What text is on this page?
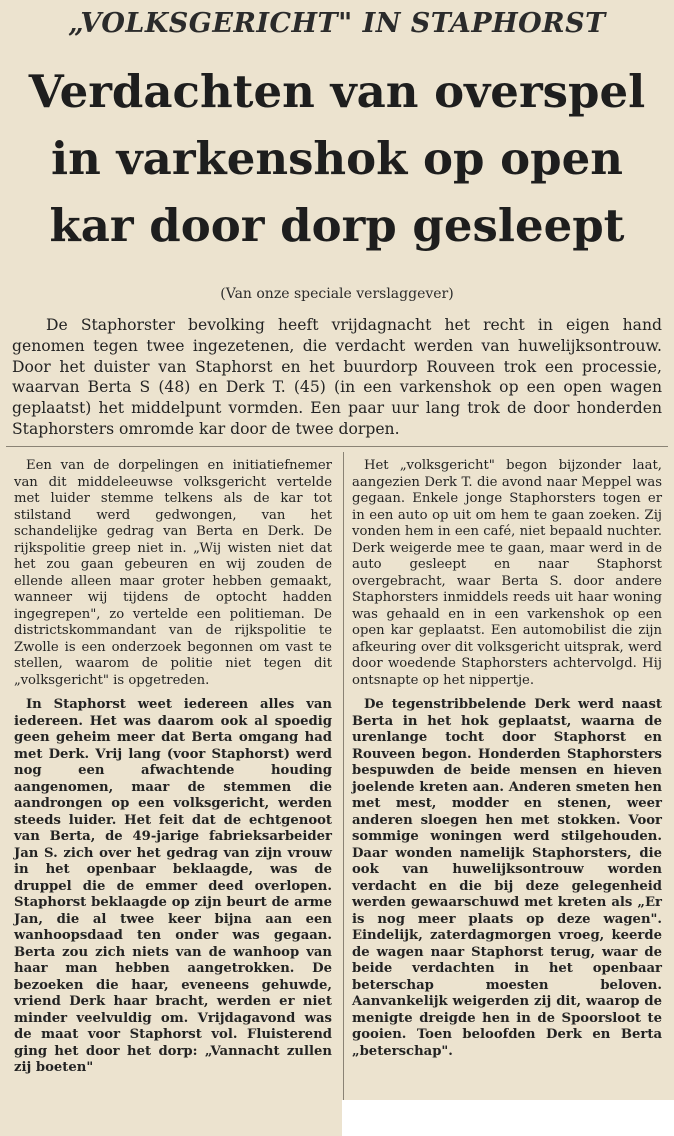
„VOLKSGERICHT" IN STAPHORST
Verdachten van overspel
in varkenshok op open
kar door dorp gesleept
(Van onze speciale verslaggever)

De Staphorster bevolking heeft vrijdagnacht het recht in eigen hand genomen tegen twee ingezetenen, die verdacht werden van huwelijksontrouw. Door het duister van Staphorst en het buurdorp Rouveen trok een processie, waarvan Berta S (48) en Derk T. (45) (in een varkenshok op een open wagen geplaatst) het middelpunt vormden. Een paar uur lang trok de door honderden Staphorsters omromde kar door de twee dorpen.

Een van de dorpelingen en initiatiefnemer van dit middeleeuwse volksgericht vertelde met luider stemme telkens als de kar tot stilstand werd gedwongen, van het schandelijke gedrag van Berta en Derk. De rijkspolitie greep niet in. „Wij wisten niet dat het zou gaan gebeuren en wij zouden de ellende alleen maar groter hebben gemaakt, wanneer wij tijdens de optocht hadden ingegrepen", zo vertelde een politieman. De districtskommandant van de rijkspolitie te Zwolle is een onderzoek begonnen om vast te stellen, waarom de politie niet tegen dit „volksgericht" is opgetreden.

In Staphorst weet iedereen alles van iedereen. Het was daarom ook al spoedig geen geheim meer dat Berta omgang had met Derk. Vrij lang (voor Staphorst) werd nog een afwachtende houding aangenomen, maar de stemmen die aandrongen op een volksgericht, werden steeds luider. Het feit dat de echtgenoot van Berta, de 49-jarige fabrieksarbeider Jan S. zich over het gedrag van zijn vrouw in het openbaar beklaagde, was de druppel die de emmer deed overlopen. Staphorst beklaagde op zijn beurt de arme Jan, die al twee keer bijna aan een wanhoopsdaad ten onder was gegaan. Berta zou zich niets van de wanhoop van haar man hebben aangetrokken. De bezoeken die haar, eveneens gehuwde, vriend Derk haar bracht, werden er niet minder veelvuldig om. Vrijdagavond was de maat voor Staphorst vol. Fluisterend ging het door het dorp: „Vannacht zullen zij boeten"

Het „volksgericht" begon bijzonder laat, aangezien Derk T. die avond naar Meppel was gegaan. Enkele jonge Staphorsters togen er in een auto op uit om hem te gaan zoeken. Zij vonden hem in een café, niet bepaald nuchter. Derk weigerde mee te gaan, maar werd in de auto gesleept en naar Staphorst overgebracht, waar Berta S. door andere Staphorsters inmiddels reeds uit haar woning was gehaald en in een varkenshok op een open kar geplaatst. Een automobilist die zijn afkeuring over dit volksgericht uitsprak, werd door woedende Staphorsters achtervolgd. Hij ontsnapte op het nippertje.

De tegenstribbelende Derk werd naast Berta in het hok geplaatst, waarna de urenlange tocht door Staphorst en Rouveen begon. Honderden Staphorsters bespuwden de beide mensen en hieven joelende kreten aan. Anderen smeten hen met mest, modder en stenen, weer anderen sloegen hen met stokken. Voor sommige woningen werd stilgehouden. Daar wonden namelijk Staphorsters, die ook van huwelijksontrouw worden verdacht en die bij deze gelegenheid werden gewaarschuwd met kreten als „Er is nog meer plaats op deze wagen". Eindelijk, zaterdagmorgen vroeg, keerde de wagen naar Staphorst terug, waar de beide verdachten in het openbaar beterschap moesten beloven. Aanvankelijk weigerden zij dit, waarop de menigte dreigde hen in de Spoorsloot te gooien. Toen beloofden Derk en Berta „beterschap".
